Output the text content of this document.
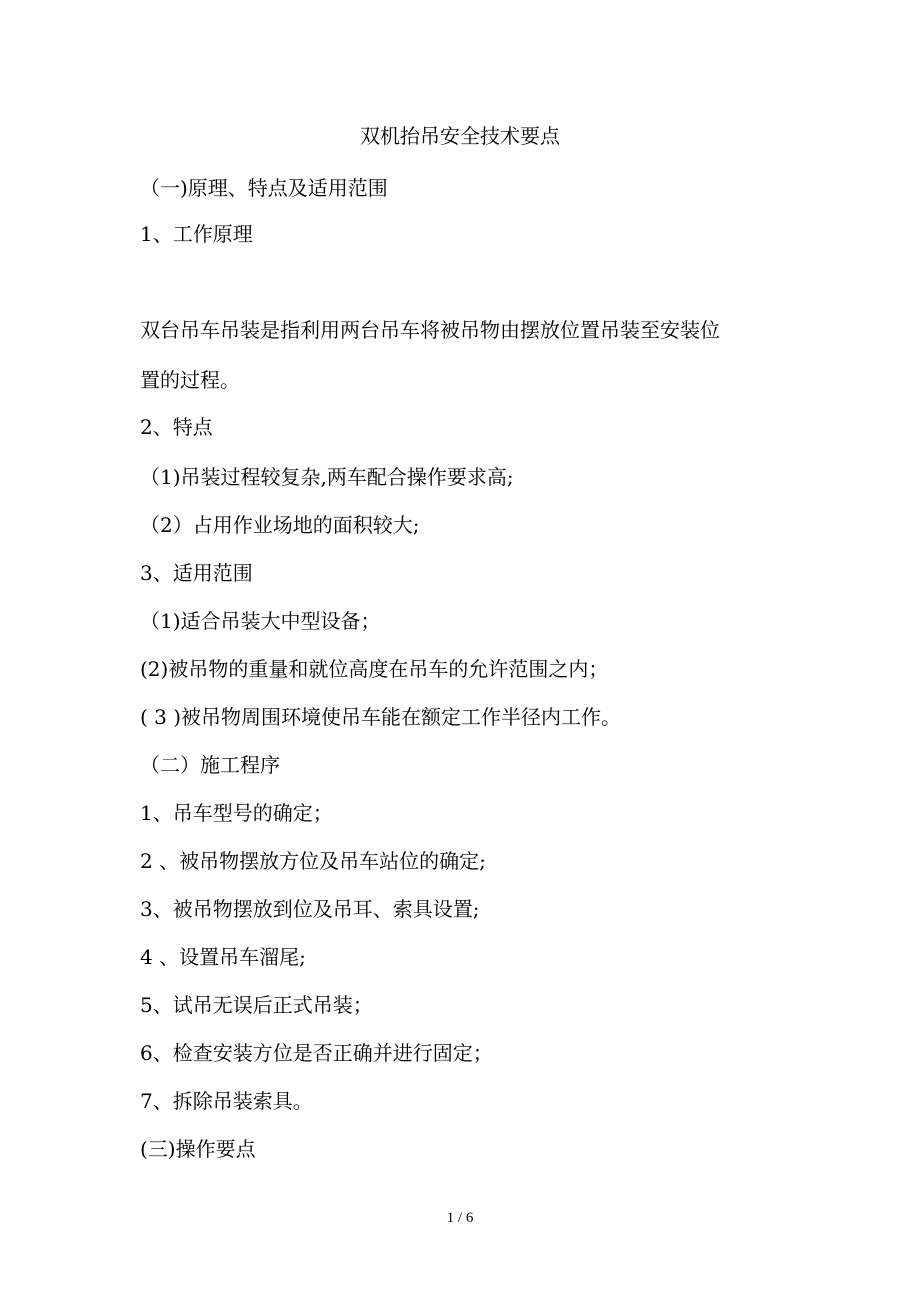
双机抬吊安全技术要点
（一)原理、特点及适用范围
1、工作原理
双台吊车吊装是指利用两台吊车将被吊物由摆放位置吊装至安装位
置的过程。
2、特点
（1)吊装过程较复杂,两车配合操作要求高;
（2）占用作业场地的面积较大;
3、适用范围
（1)适合吊装大中型设备；
(2)被吊物的重量和就位高度在吊车的允许范围之内；
( 3 )被吊物周围环境使吊车能在额定工作半径内工作。
（二）施工程序
1、吊车型号的确定；
2 、被吊物摆放方位及吊车站位的确定;
3、被吊物摆放到位及吊耳、索具设置;
4 、设置吊车溜尾;
5、试吊无误后正式吊装；
6、检查安装方位是否正确并进行固定；
7、拆除吊装索具。
(三)操作要点
1 / 6
